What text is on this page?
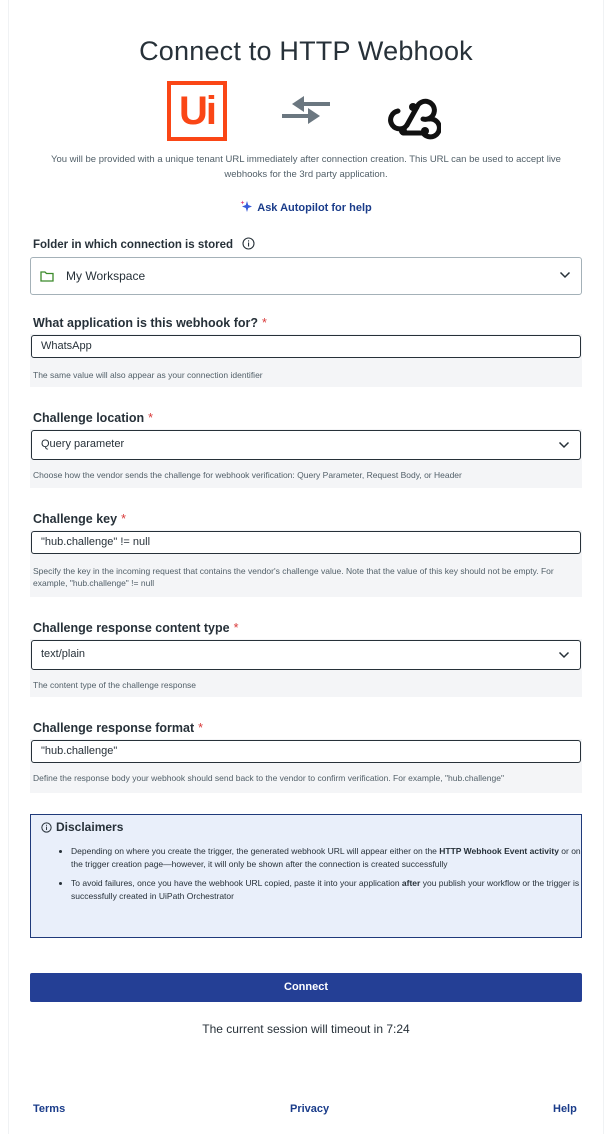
Connect to HTTP Webhook
Ui
You will be provided with a unique tenant URL immediately after connection creation. This URL can be used to accept live webhooks for the 3rd party application.
Ask Autopilot for help
Folder in which connection is stored
My Workspace
What application is this webhook for? *
WhatsApp
The same value will also appear as your connection identifier
Challenge location *
Query parameter
Choose how the vendor sends the challenge for webhook verification: Query Parameter, Request Body, or Header
Challenge key *
"hub.challenge" != null
Specify the key in the incoming request that contains the vendor's challenge value. Note that the value of this key should not be empty. For example, "hub.challenge" != null
Challenge response content type *
text/plain
The content type of the challenge response
Challenge response format *
"hub.challenge"
Define the response body your webhook should send back to the vendor to confirm verification. For example, "hub.challenge"
Disclaimers
• Depending on where you create the trigger, the generated webhook URL will appear either on the HTTP Webhook Event activity or on the trigger creation page—however, it will only be shown after the connection is created successfully
• To avoid failures, once you have the webhook URL copied, paste it into your application after you publish your workflow or the trigger is successfully created in UiPath Orchestrator
Connect
The current session will timeout in 7:24
Terms	Privacy	Help
